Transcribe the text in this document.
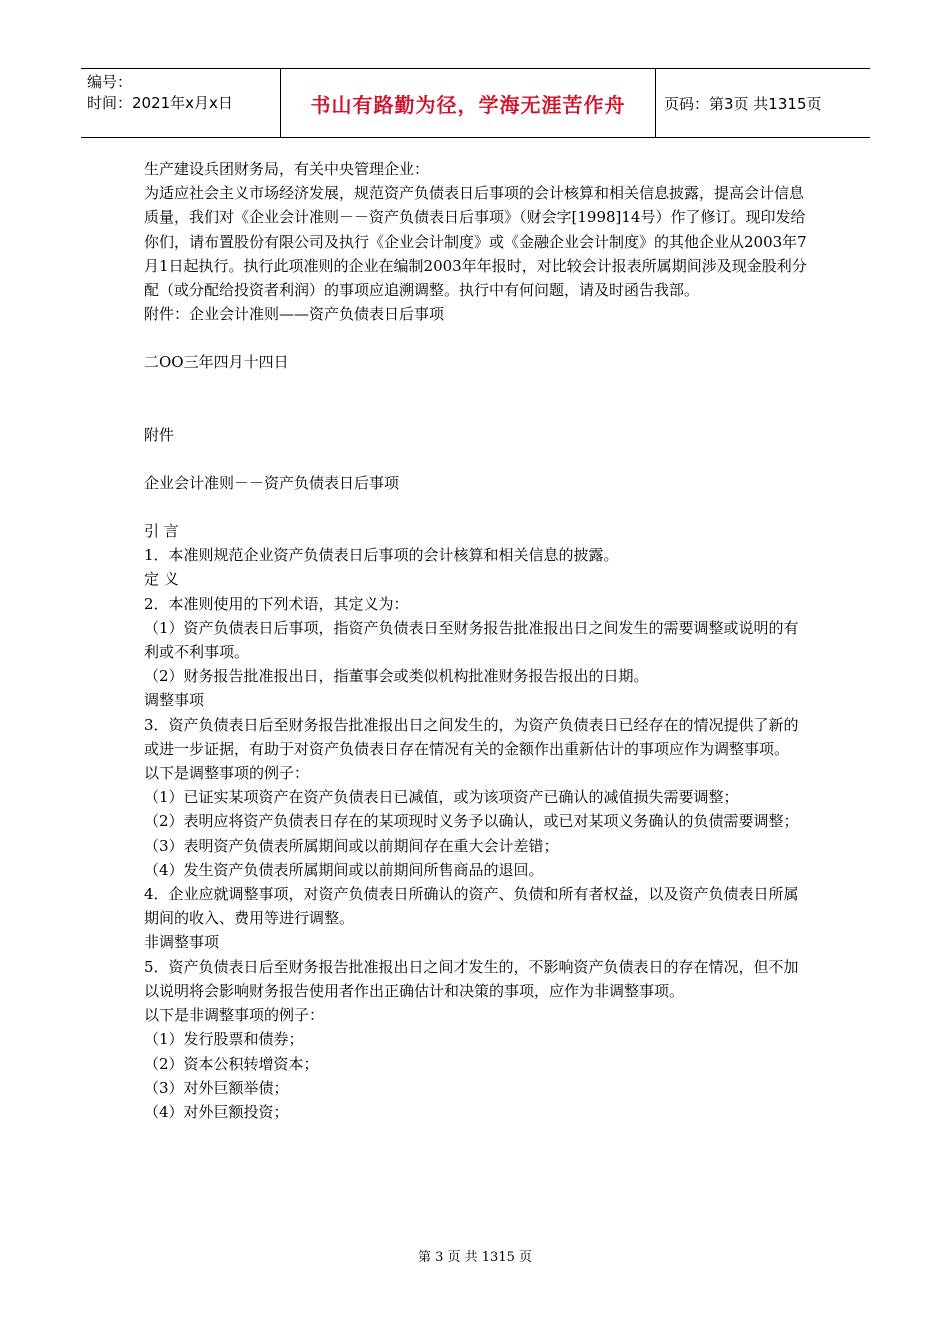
编号：
时间：2021年x月x日	书山有路勤为径，学海无涯苦作舟	页码：第3页 共1315页

生产建设兵团财务局，有关中央管理企业：

为适应社会主义市场经济发展，规范资产负债表日后事项的会计核算和相关信息披露，提高会计信息质量，我们对《企业会计准则－－资产负债表日后事项》（财会字[1998]14号）作了修订。现印发给你们，请布置股份有限公司及执行《企业会计制度》或《金融企业会计制度》的其他企业从2003年7月1日起执行。执行此项准则的企业在编制2003年年报时，对比较会计报表所属期间涉及现金股利分配（或分配给投资者利润）的事项应追溯调整。执行中有何问题，请及时函告我部。

附件：企业会计准则——资产负债表日后事项

二OO三年四月十四日

附件

企业会计准则－－资产负债表日后事项

引 言

1．本准则规范企业资产负债表日后事项的会计核算和相关信息的披露。

定 义

2．本准则使用的下列术语，其定义为：

（1）资产负债表日后事项，指资产负债表日至财务报告批准报出日之间发生的需要调整或说明的有利或不利事项。

（2）财务报告批准报出日，指董事会或类似机构批准财务报告报出的日期。

调整事项

3．资产负债表日后至财务报告批准报出日之间发生的，为资产负债表日已经存在的情况提供了新的或进一步证据，有助于对资产负债表日存在情况有关的金额作出重新估计的事项应作为调整事项。

以下是调整事项的例子：

（1）已证实某项资产在资产负债表日已减值，或为该项资产已确认的减值损失需要调整；

（2）表明应将资产负债表日存在的某项现时义务予以确认，或已对某项义务确认的负债需要调整；

（3）表明资产负债表所属期间或以前期间存在重大会计差错；

（4）发生资产负债表所属期间或以前期间所售商品的退回。

4．企业应就调整事项，对资产负债表日所确认的资产、负债和所有者权益，以及资产负债表日所属期间的收入、费用等进行调整。

非调整事项

5．资产负债表日后至财务报告批准报出日之间才发生的，不影响资产负债表日的存在情况，但不加以说明将会影响财务报告使用者作出正确估计和决策的事项，应作为非调整事项。

以下是非调整事项的例子：

（1）发行股票和债券；

（2）资本公积转增资本；

（3）对外巨额举债；

（4）对外巨额投资；

第 3 页 共 1315 页
